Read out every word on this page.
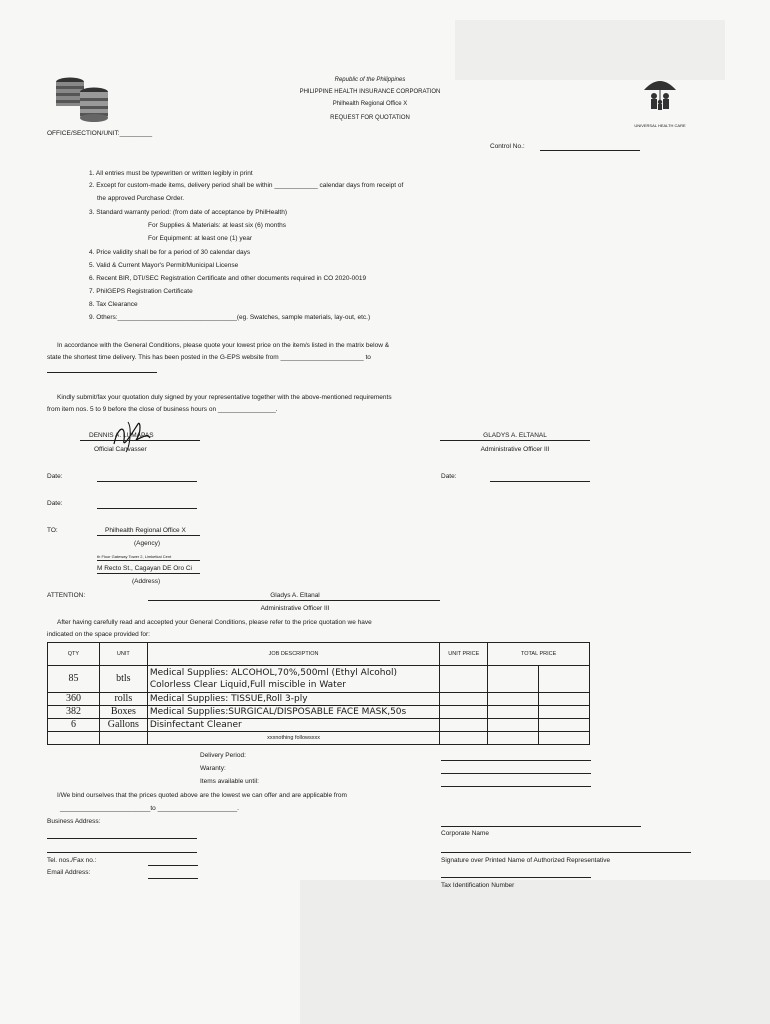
UNIVERSAL HEALTH CARE
Republic of the Philippines
PHILIPPINE HEALTH INSURANCE CORPORATION
Philhealth Regional Office X
REQUEST FOR QUOTATION
OFFICE/SECTION/UNIT:_________
Control No.:
1. All entries must be typewritten or written legibly in print
2. Except for custom-made items, delivery period shall be within ____________ calendar days from receipt of
the approved Purchase Order.
3. Standard warranty period: (from date of acceptance by PhilHealth)
For Supplies & Materials: at least six (6) months
For Equipment: at least one (1) year
4. Price validity shall be for a period of 30 calendar days
5. Valid & Current Mayor's Permit/Municipal License
6. Recent BIR, DTI/SEC Registration Certificate and other documents required in CO 2020-0019
7. PhilGEPS Registration Certificate
8. Tax Clearance
9. Others:_________________________________(eg. Swatches, sample materials, lay-out, etc.)
In accordance with the General Conditions, please quote your lowest price on the item/s listed in the matrix below &
state the shortest time delivery. This has been posted in the G-EPS website from _______________________ to
Kindly submit/fax your quotation duly signed by your representative together with the above-mentioned requirements
from item nos. 5 to 9 before the close of business hours on ________________.
DENNIS A. LUMAPAS
Official Canvasser
GLADYS A. ELTANAL
Administrative Officer III
Date:	Date:
Date:
TO:	Philhealth Regional Office X
(Agency)
th Floor Gateway Tower 2, Limketkai Cent
M Recto St., Cagayan DE Oro Ci
(Address)
ATTENTION:	Gladys A. Eltanal
Administrative Officer III
After having carefully read and accepted your General Conditions, please refer to the price quotation we have
indicated on the space provided for:
QTY	UNIT	JOB DESCRIPTION	UNIT PRICE	TOTAL PRICE	
85	btls	Medical Supplies: ALCOHOL,70%,500ml (Ethyl Alcohol)
Colorless Clear Liquid,Full miscible in Water			

360	rolls	Medical Supplies: TISSUE,Roll 3-ply			
382	Boxes	Medical Supplies:SURGICAL/DISPOSABLE FACE MASK,50s			
6	Gallons	Disinfectant Cleaner			
		xxxnothing followsxxx			
Delivery Period:
Waranty:
Items available until:
I/We bind ourselves that the prices quoted above are the lowest we can offer and are applicable from
_________________________to ______________________.
Business Address:
Corporate Name
Tel. nos./Fax no.:	Signature over Printed Name of Authorized Representative
Email Address:
Tax Identification Number
